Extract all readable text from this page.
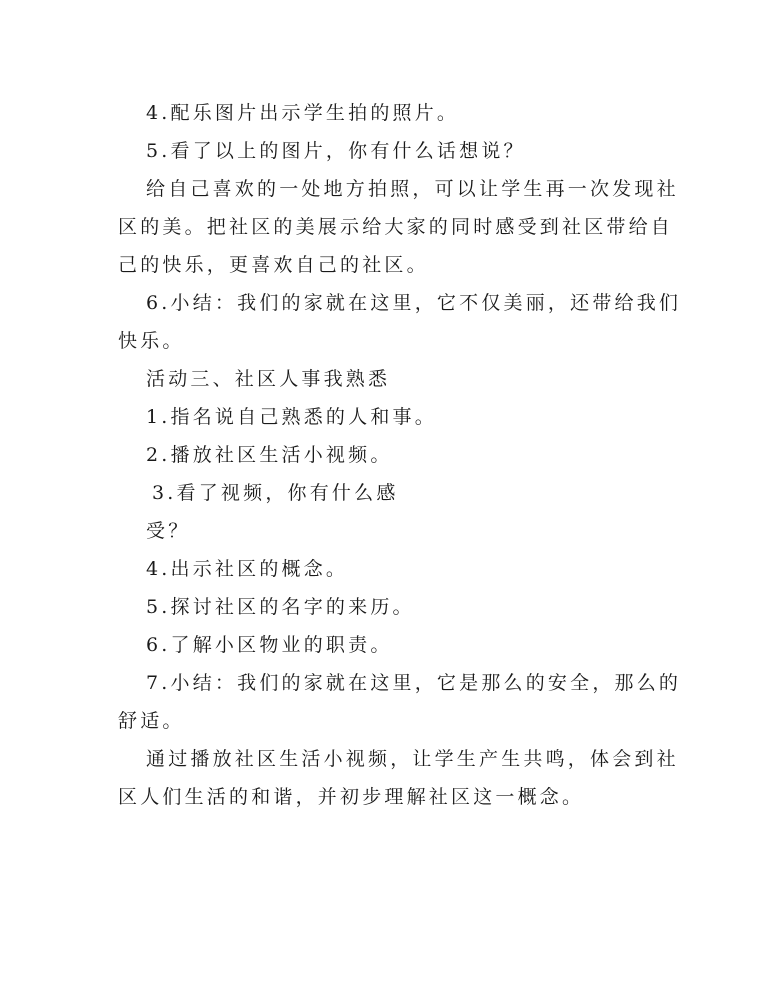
4.配乐图片出示学生拍的照片。
5.看了以上的图片，你有什么话想说？
给自己喜欢的一处地方拍照，可以让学生再一次发现社
区的美。把社区的美展示给大家的同时感受到社区带给自
己的快乐，更喜欢自己的社区。
6.小结：我们的家就在这里，它不仅美丽，还带给我们
快乐。
活动三、社区人事我熟悉
1.指名说自己熟悉的人和事。
2.播放社区生活小视频。
3.看了视频，你有什么感
受？
4.出示社区的概念。
5.探讨社区的名字的来历。
6.了解小区物业的职责。
7.小结：我们的家就在这里，它是那么的安全，那么的
舒适。
通过播放社区生活小视频，让学生产生共鸣，体会到社
区人们生活的和谐，并初步理解社区这一概念。
